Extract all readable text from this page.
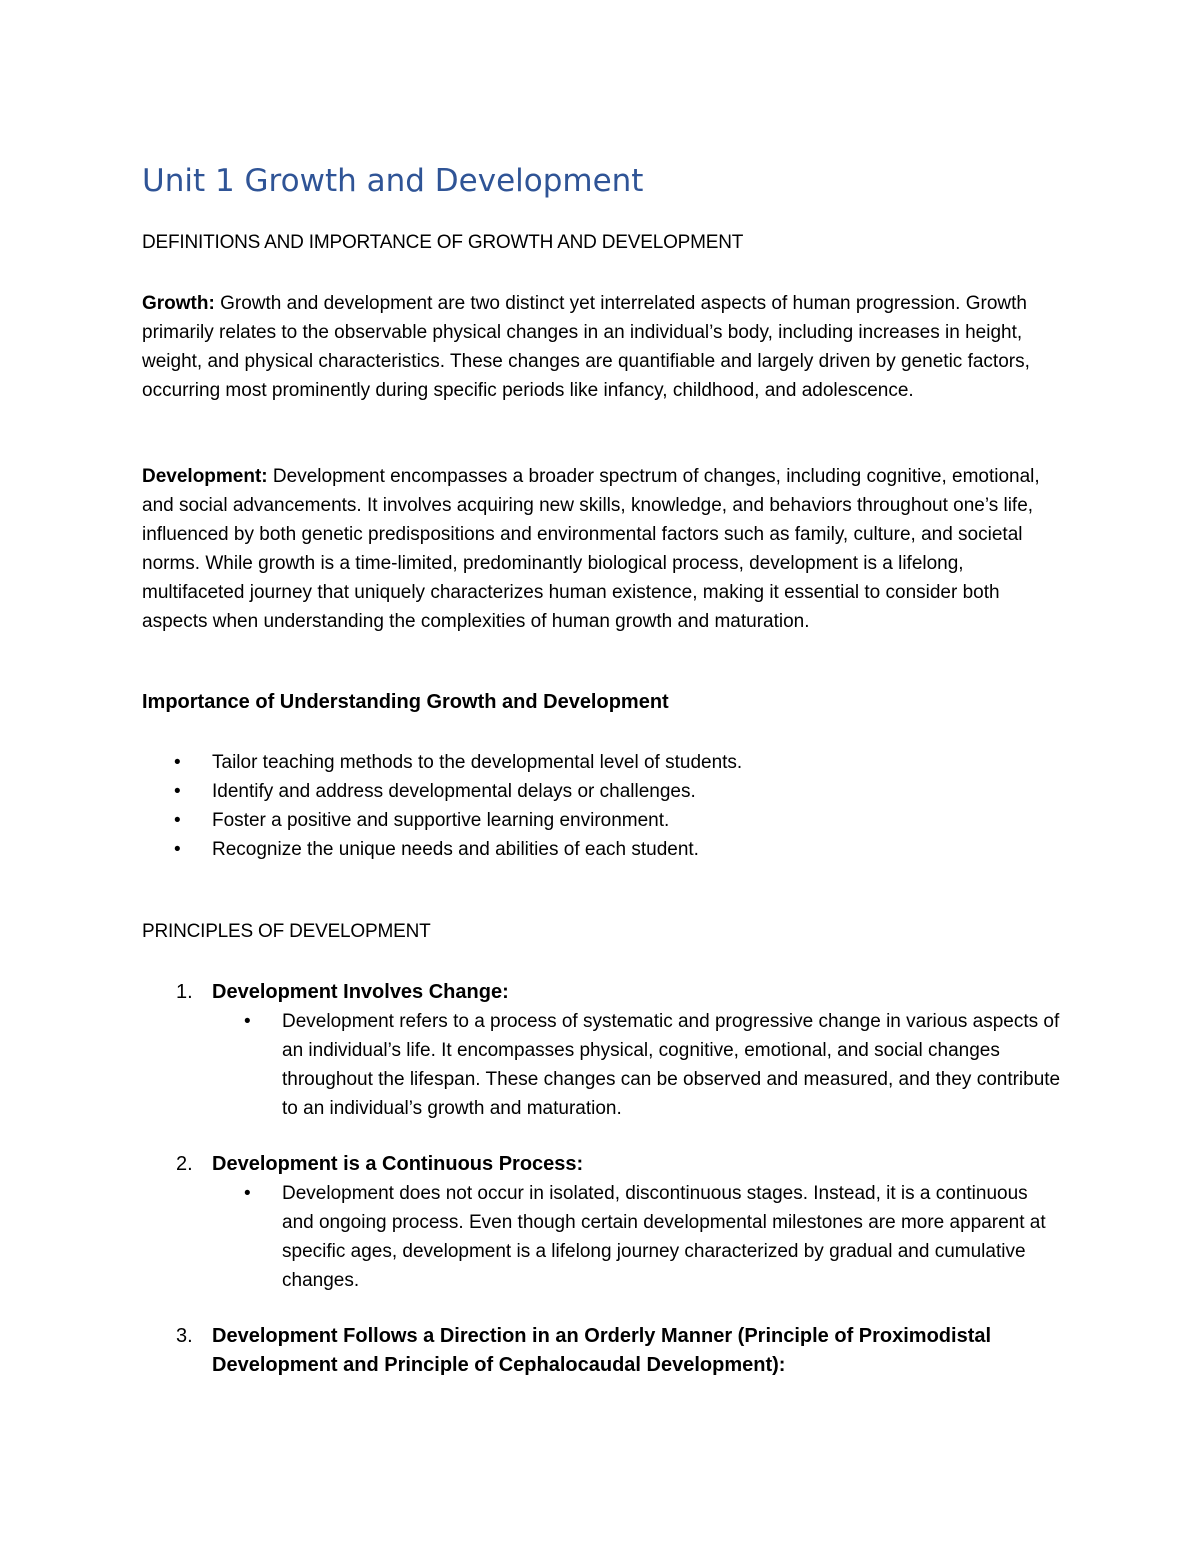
Unit 1 Growth and Development
DEFINITIONS AND IMPORTANCE OF GROWTH AND DEVELOPMENT

Growth: Growth and development are two distinct yet interrelated aspects of human progression. Growth primarily relates to the observable physical changes in an individual’s body, including increases in height, weight, and physical characteristics. These changes are quantifiable and largely driven by genetic factors, occurring most prominently during specific periods like infancy, childhood, and adolescence.

Development: Development encompasses a broader spectrum of changes, including cognitive, emotional, and social advancements. It involves acquiring new skills, knowledge, and behaviors throughout one’s life, influenced by both genetic predispositions and environmental factors such as family, culture, and societal norms. While growth is a time-limited, predominantly biological process, development is a lifelong, multifaceted journey that uniquely characterizes human existence, making it essential to consider both aspects when understanding the complexities of human growth and maturation.

Importance of Understanding Growth and Development
• Tailor teaching methods to the developmental level of students.
• Identify and address developmental delays or challenges.
• Foster a positive and supportive learning environment.
• Recognize the unique needs and abilities of each student.
PRINCIPLES OF DEVELOPMENT
1. Development Involves Change:

• Development refers to a process of systematic and progressive change in various aspects of an individual’s life. It encompasses physical, cognitive, emotional, and social changes throughout the lifespan. These changes can be observed and measured, and they contribute to an individual’s growth and maturation.

2. Development is a Continuous Process:

• Development does not occur in isolated, discontinuous stages. Instead, it is a continuous and ongoing process. Even though certain developmental milestones are more apparent at specific ages, development is a lifelong journey characterized by gradual and cumulative changes.

3. Development Follows a Direction in an Orderly Manner (Principle of Proximodistal Development and Principle of Cephalocaudal Development):
